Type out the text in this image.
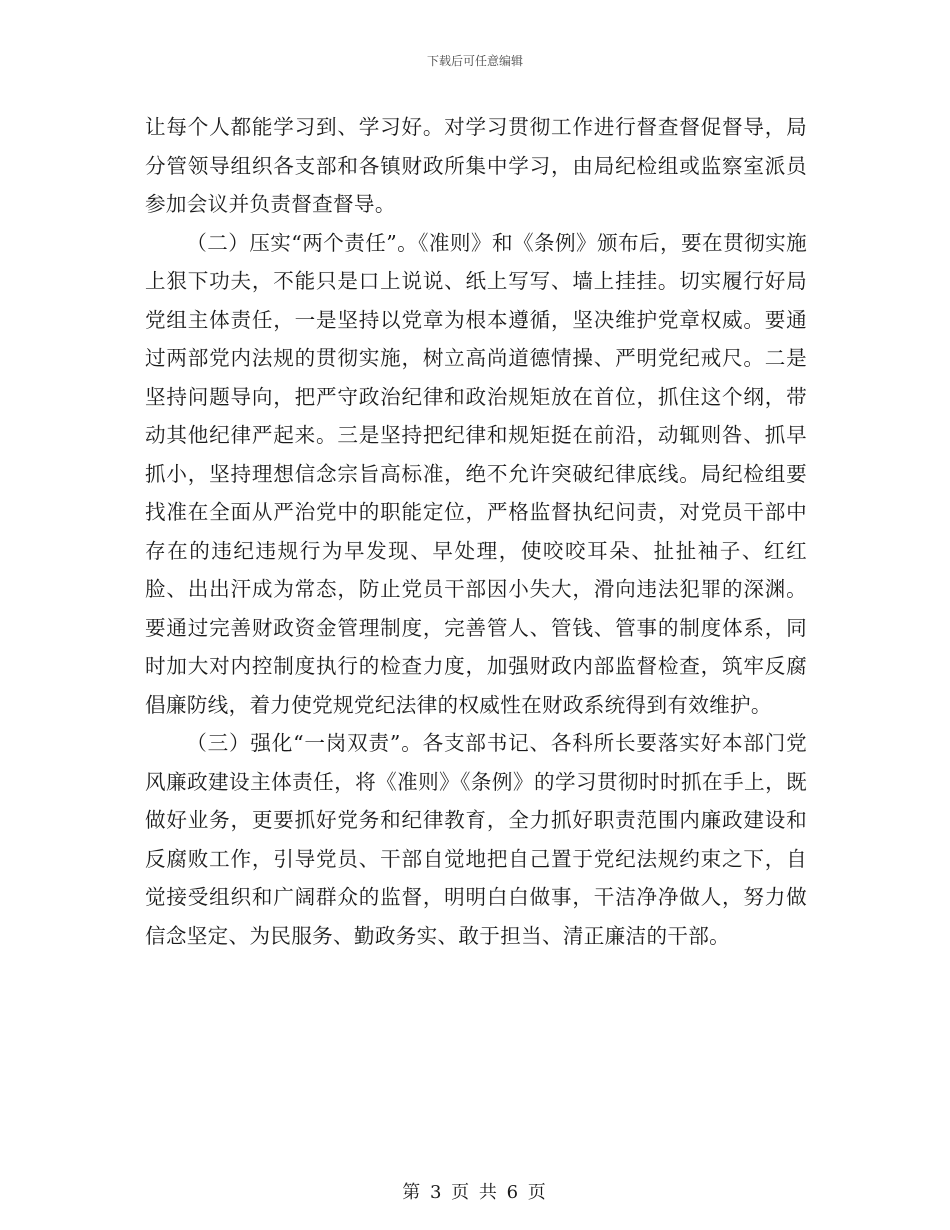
下载后可任意编辑

让每个人都能学习到、学习好。对学习贯彻工作进行督查督促督导，局分管领导组织各支部和各镇财政所集中学习，由局纪检组或监察室派员参加会议并负责督查督导。

（二）压实“两个责任”。《准则》和《条例》颁布后，要在贯彻实施上狠下功夫，不能只是口上说说、纸上写写、墙上挂挂。切实履行好局党组主体责任，一是坚持以党章为根本遵循，坚决维护党章权威。要通过两部党内法规的贯彻实施，树立高尚道德情操、严明党纪戒尺。二是坚持问题导向，把严守政治纪律和政治规矩放在首位，抓住这个纲，带动其他纪律严起来。三是坚持把纪律和规矩挺在前沿，动辄则咎、抓早抓小，坚持理想信念宗旨高标准，绝不允许突破纪律底线。局纪检组要找准在全面从严治党中的职能定位，严格监督执纪问责，对党员干部中存在的违纪违规行为早发现、早处理，使咬咬耳朵、扯扯袖子、红红脸、出出汗成为常态，防止党员干部因小失大，滑向违法犯罪的深渊。要通过完善财政资金管理制度，完善管人、管钱、管事的制度体系，同时加大对内控制度执行的检查力度，加强财政内部监督检查，筑牢反腐倡廉防线，着力使党规党纪法律的权威性在财政系统得到有效维护。

（三）强化“一岗双责”。各支部书记、各科所长要落实好本部门党风廉政建设主体责任，将《准则》《条例》的学习贯彻时时抓在手上，既做好业务，更要抓好党务和纪律教育，全力抓好职责范围内廉政建设和反腐败工作，引导党员、干部自觉地把自己置于党纪法规约束之下，自觉接受组织和广阔群众的监督，明明白白做事，干洁净净做人，努力做信念坚定、为民服务、勤政务实、敢于担当、清正廉洁的干部。

第 3 页 共 6 页
